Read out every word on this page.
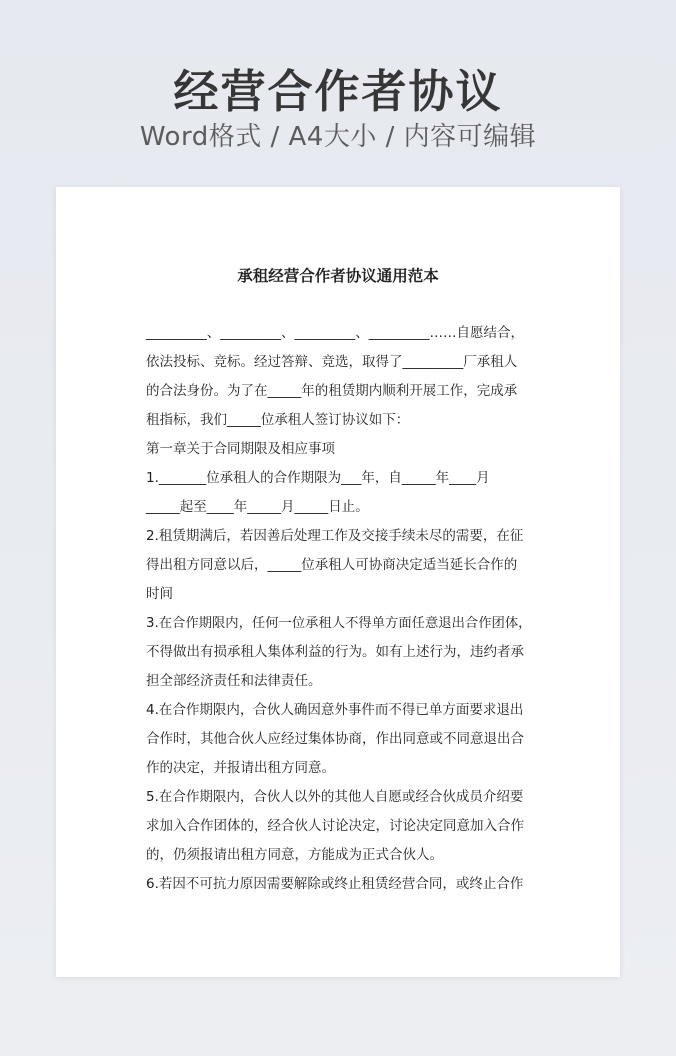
经营合作者协议
Word格式 / A4大小 / 内容可编辑
承租经营合作者协议通用范本
_________、_________、_________、_________……自愿结合，
依法投标、竞标。经过答辩、竞选，取得了_________厂承租人
的合法身份。为了在_____年的租赁期内顺利开展工作，完成承
租指标，我们_____位承租人签订协议如下：
第一章关于合同期限及相应事项
1._______位承租人的合作期限为___年，自_____年____月
_____起至____年_____月_____日止。
2.租赁期满后，若因善后处理工作及交接手续未尽的需要，在征
得出租方同意以后，_____位承租人可协商决定适当延长合作的
时间
3.在合作期限内，任何一位承租人不得单方面任意退出合作团体，
不得做出有损承租人集体利益的行为。如有上述行为，违约者承
担全部经济责任和法律责任。
4.在合作期限内，合伙人确因意外事件而不得已单方面要求退出
合作时，其他合伙人应经过集体协商，作出同意或不同意退出合
作的决定，并报请出租方同意。
5.在合作期限内，合伙人以外的其他人自愿或经合伙成员介绍要
求加入合作团体的，经合伙人讨论决定，讨论决定同意加入合作
的，仍须报请出租方同意，方能成为正式合伙人。
6.若因不可抗力原因需要解除或终止租赁经营合同，或终止合作
